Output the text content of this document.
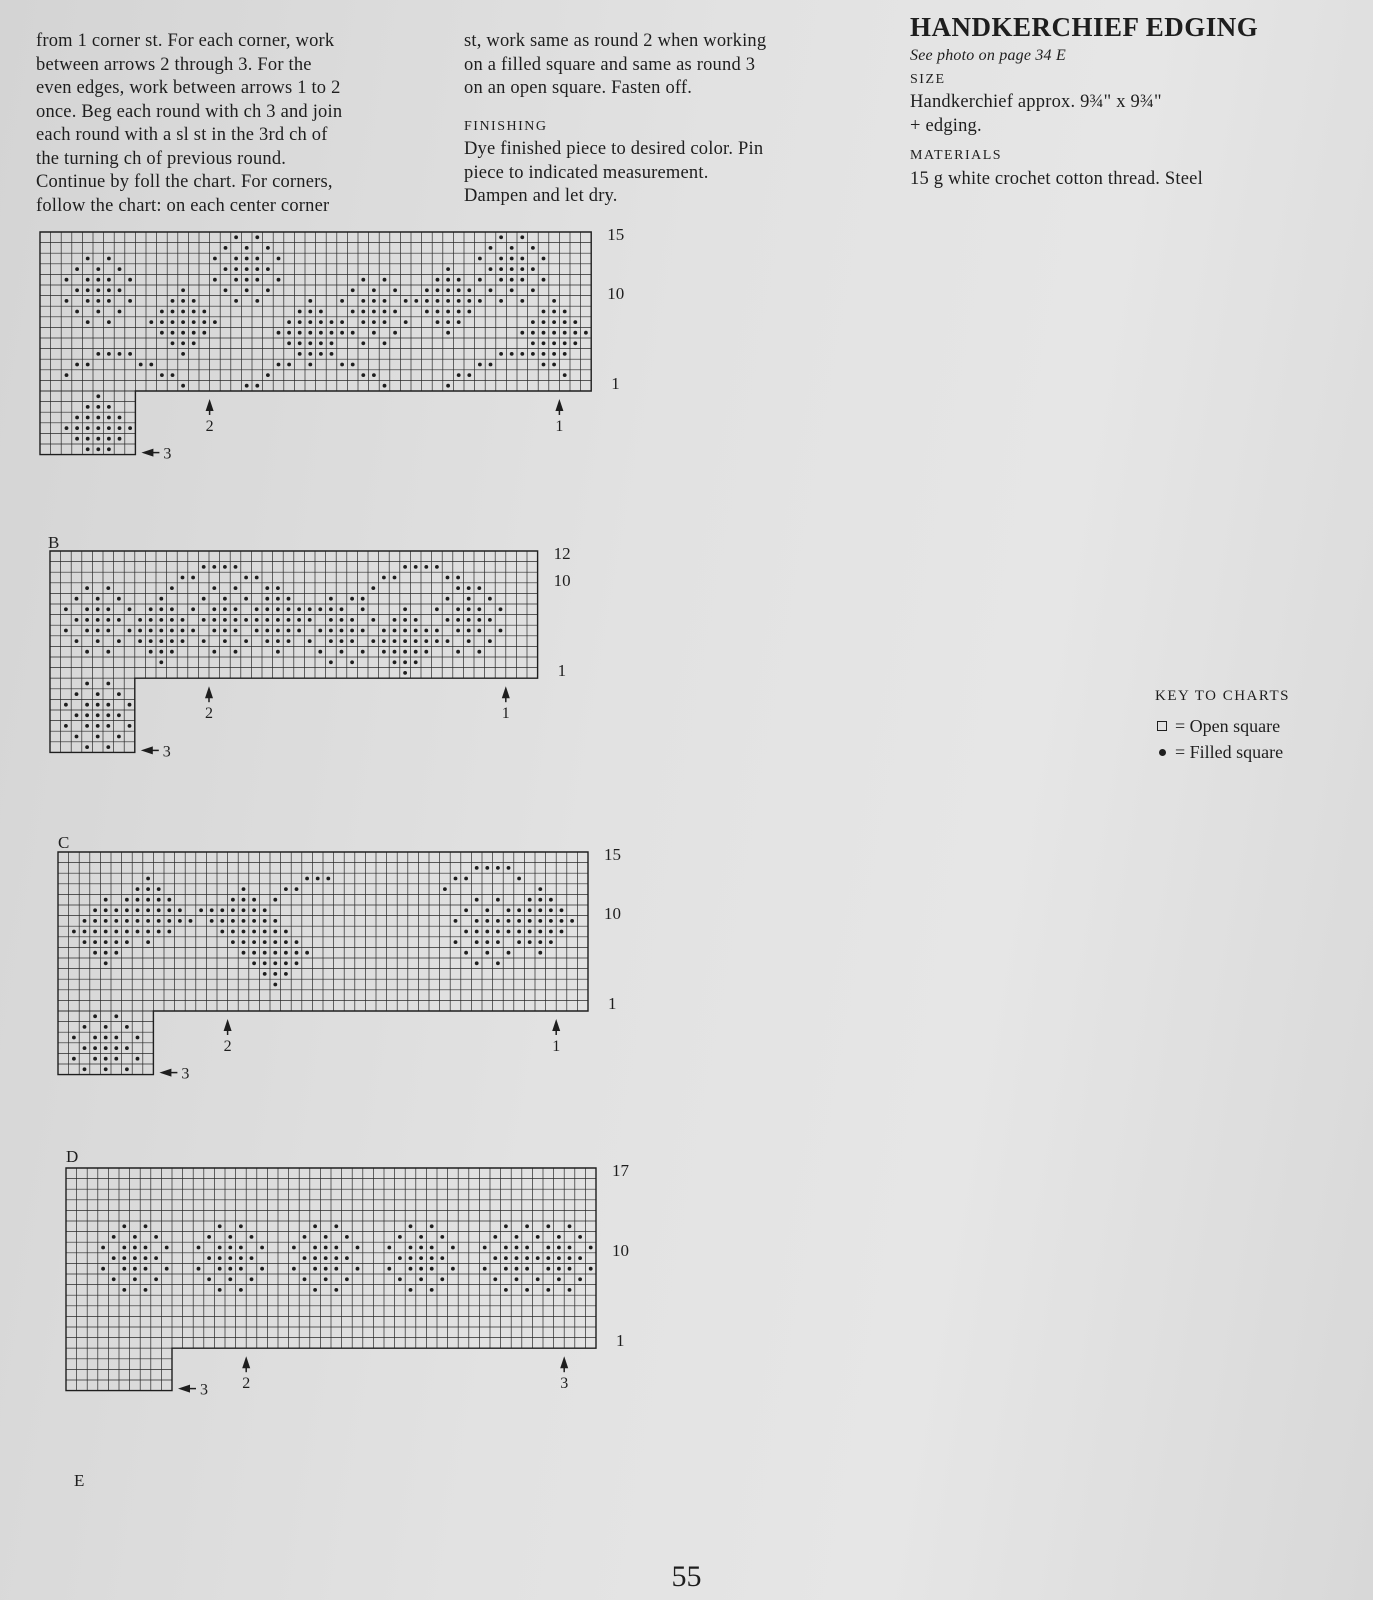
from 1 corner st. For each corner, work

between arrows 2 through 3. For the

even edges, work between arrows 1 to 2

once. Beg each round with ch 3 and join

each round with a sl st in the 3rd ch of

the turning ch of previous round.

Continue by foll the chart. For corners,

follow the chart: on each center corner

st, work same as round 2 when working

on a filled square and same as round 3

on an open square. Fasten off.

FINISHING

Dye finished piece to desired color. Pin

piece to indicated measurement.

Dampen and let dry.

HANDKERCHIEF EDGING

See photo on page 34 E

SIZE

Handkerchief approx. 9¾" x 9¾"

+ edging.

MATERIALS

15 g white crochet cotton thread. Steel

15
10
1
1
2
3
B
12
10
1
1
2
3
C
15
10
1
1
2
3
D
17
10
1
3
2
3
E
KEY TO CHARTS
= Open square
= Filled square
55
